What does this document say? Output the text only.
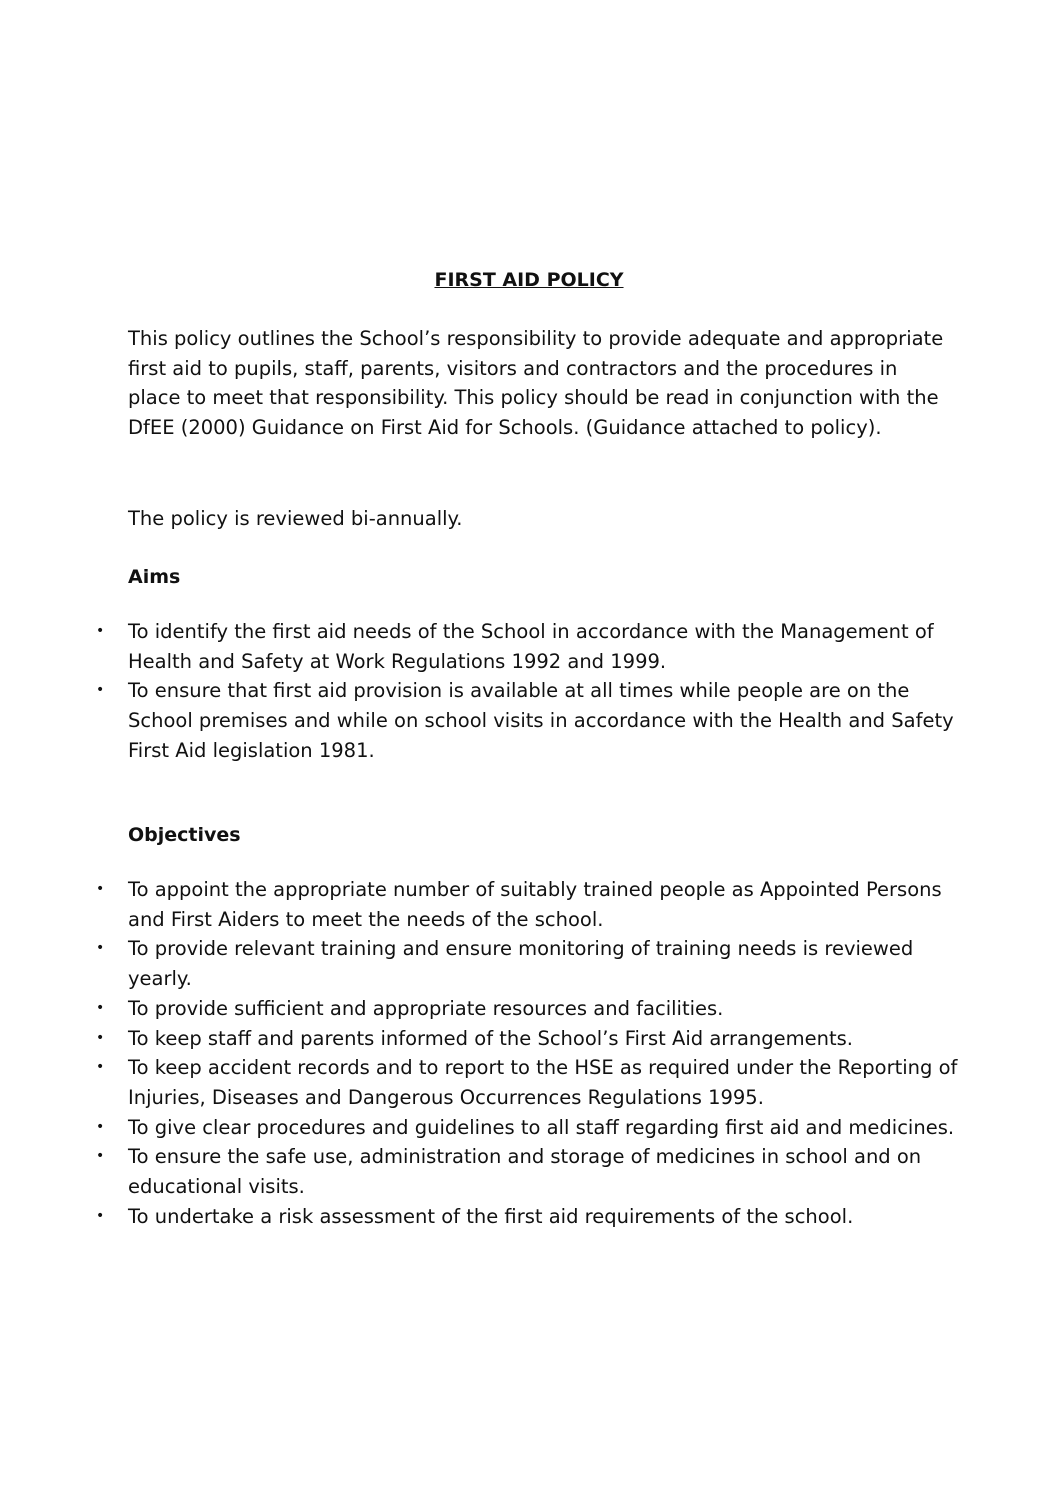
FIRST AID POLICY

This policy outlines the School’s responsibility to provide adequate and appropriate first aid to pupils, staff, parents, visitors and contractors and the procedures in place to meet that responsibility. This policy should be read in conjunction with the DfEE (2000) Guidance on First Aid for Schools. (Guidance attached to policy).

The policy is reviewed bi-annually.

Aims
• To identify the first aid needs of the School in accordance with the Management of Health and Safety at Work Regulations 1992 and 1999.
• To ensure that first aid provision is available at all times while people are on the School premises and while on school visits in accordance with the Health and Safety First Aid legislation 1981.
Objectives
• To appoint the appropriate number of suitably trained people as Appointed Persons and First Aiders to meet the needs of the school.
• To provide relevant training and ensure monitoring of training needs is reviewed yearly.
• To provide sufficient and appropriate resources and facilities.
• To keep staff and parents informed of the School’s First Aid arrangements.
• To keep accident records and to report to the HSE as required under the Reporting of Injuries, Diseases and Dangerous Occurrences Regulations 1995.
• To give clear procedures and guidelines to all staff regarding first aid and medicines.
• To ensure the safe use, administration and storage of medicines in school and on educational visits.
• To undertake a risk assessment of the first aid requirements of the school.
